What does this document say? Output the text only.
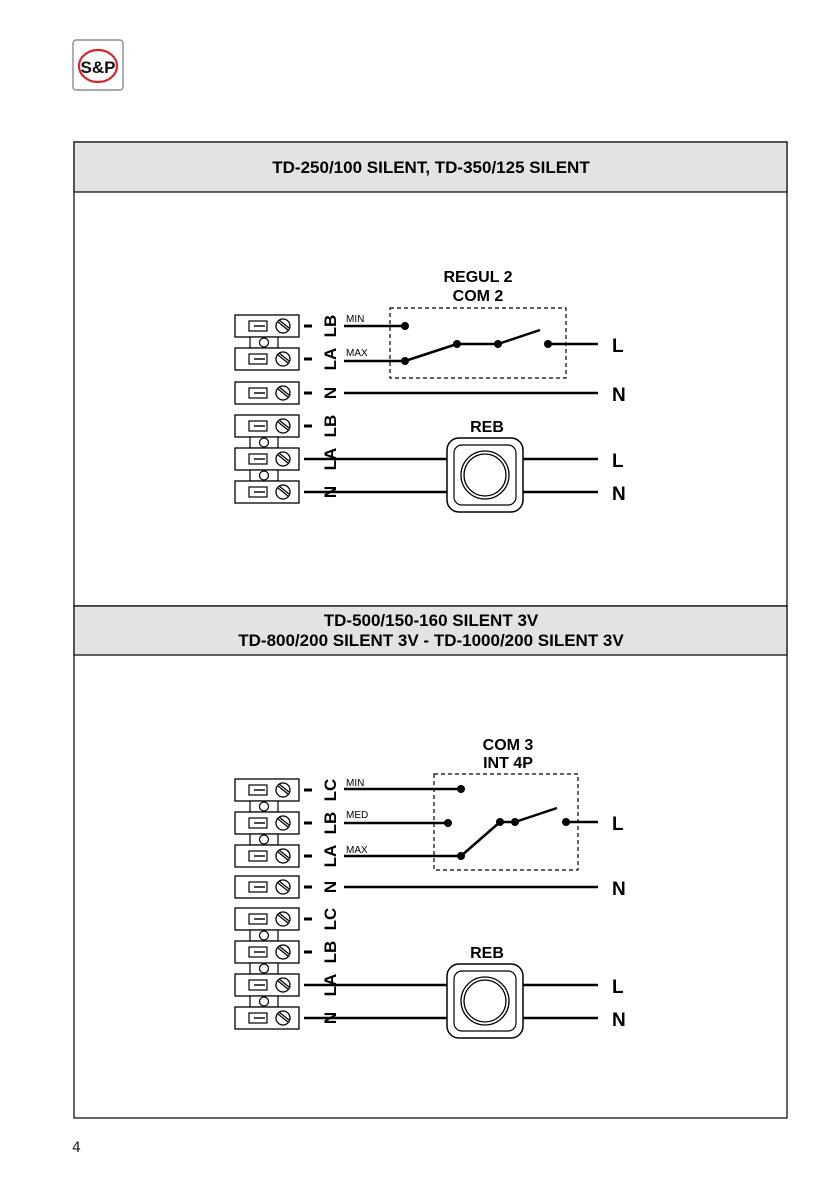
S&P
TD-250/100 SILENT, TD-350/125 SILENT
REGUL 2
COM 2
LB
LA
N
MIN
MAX	L
N
LB
LA
N
REB
L
N
TD-500/150-160 SILENT 3V
TD-800/200 SILENT 3V - TD-1000/200 SILENT 3V
COM 3
INT 4P
LC
LB
LA
N
MIN
MED
MAX
L
N
LC
LB
LA
N
REB
L
N
4
